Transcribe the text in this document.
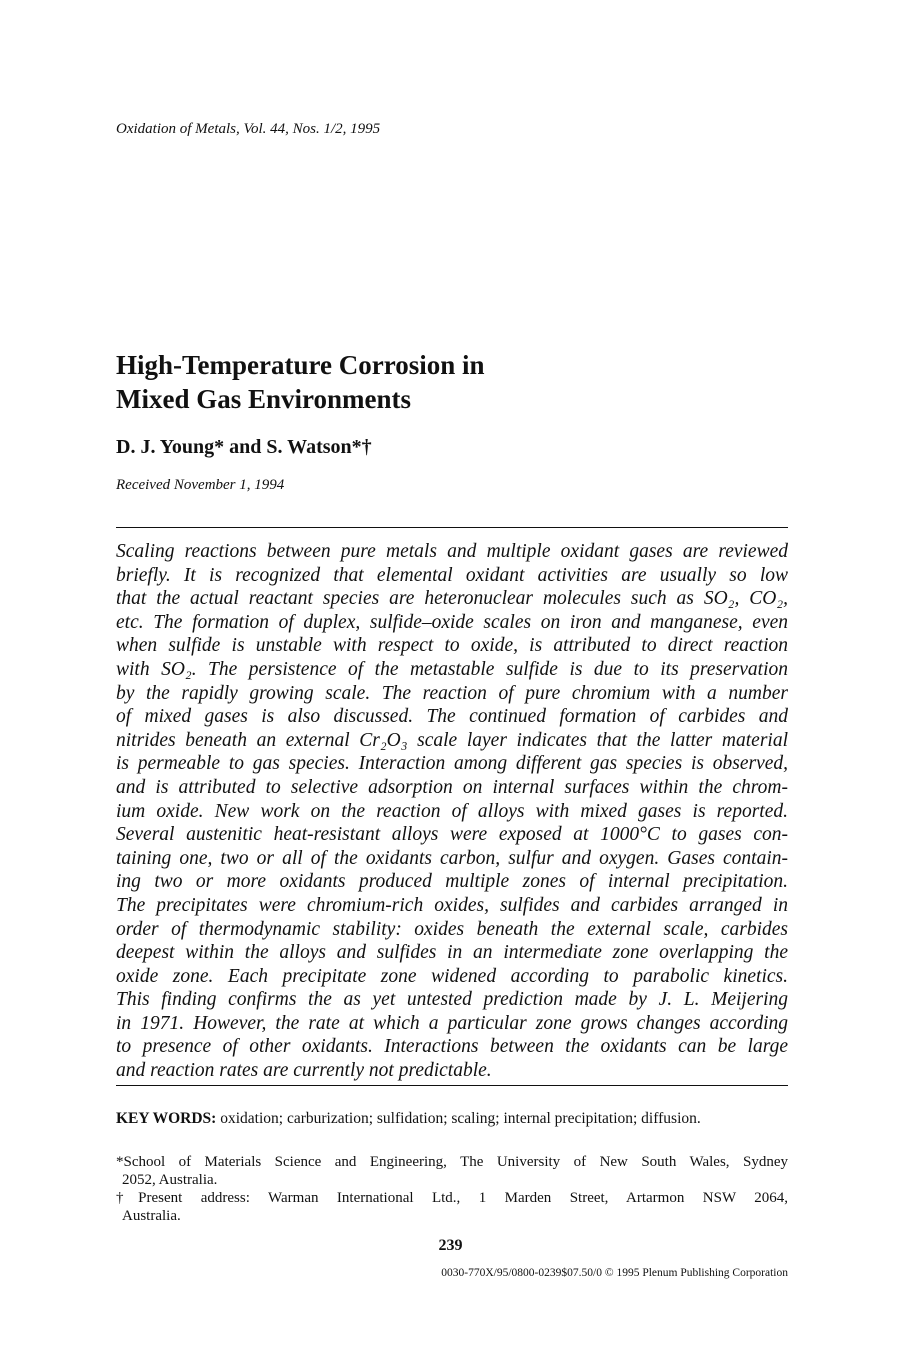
Oxidation of Metals, Vol. 44, Nos. 1/2, 1995
High-Temperature Corrosion in
Mixed Gas Environments
D. J. Young* and S. Watson*†
Received November 1, 1994
Scaling reactions between pure metals and multiple oxidant gases are reviewed
briefly. It is recognized that elemental oxidant activities are usually so low
that the actual reactant species are heteronuclear molecules such as SO₂, CO₂,
etc. The formation of duplex, sulfide–oxide scales on iron and manganese, even
when sulfide is unstable with respect to oxide, is attributed to direct reaction
with SO₂. The persistence of the metastable sulfide is due to its preservation
by the rapidly growing scale. The reaction of pure chromium with a number
of mixed gases is also discussed. The continued formation of carbides and
nitrides beneath an external Cr₂O₃ scale layer indicates that the latter material
is permeable to gas species. Interaction among different gas species is observed,
and is attributed to selective adsorption on internal surfaces within the chrom-
ium oxide. New work on the reaction of alloys with mixed gases is reported.
Several austenitic heat-resistant alloys were exposed at 1000°C to gases con-
taining one, two or all of the oxidants carbon, sulfur and oxygen. Gases contain-
ing two or more oxidants produced multiple zones of internal precipitation.
The precipitates were chromium-rich oxides, sulfides and carbides arranged in
order of thermodynamic stability: oxides beneath the external scale, carbides
deepest within the alloys and sulfides in an intermediate zone overlapping the
oxide zone. Each precipitate zone widened according to parabolic kinetics.
This finding confirms the as yet untested prediction made by J. L. Meijering
in 1971. However, the rate at which a particular zone grows changes according
to presence of other oxidants. Interactions between the oxidants can be large
and reaction rates are currently not predictable.
KEY WORDS: oxidation; carburization; sulfidation; scaling; internal precipitation; diffusion.
*School of Materials Science and Engineering, The University of New South Wales, Sydney
2052, Australia.
†Present address: Warman International Ltd., 1 Marden Street, Artarmon NSW 2064,
Australia.
239
0030-770X/95/0800-0239$07.50/0 © 1995 Plenum Publishing Corporation
